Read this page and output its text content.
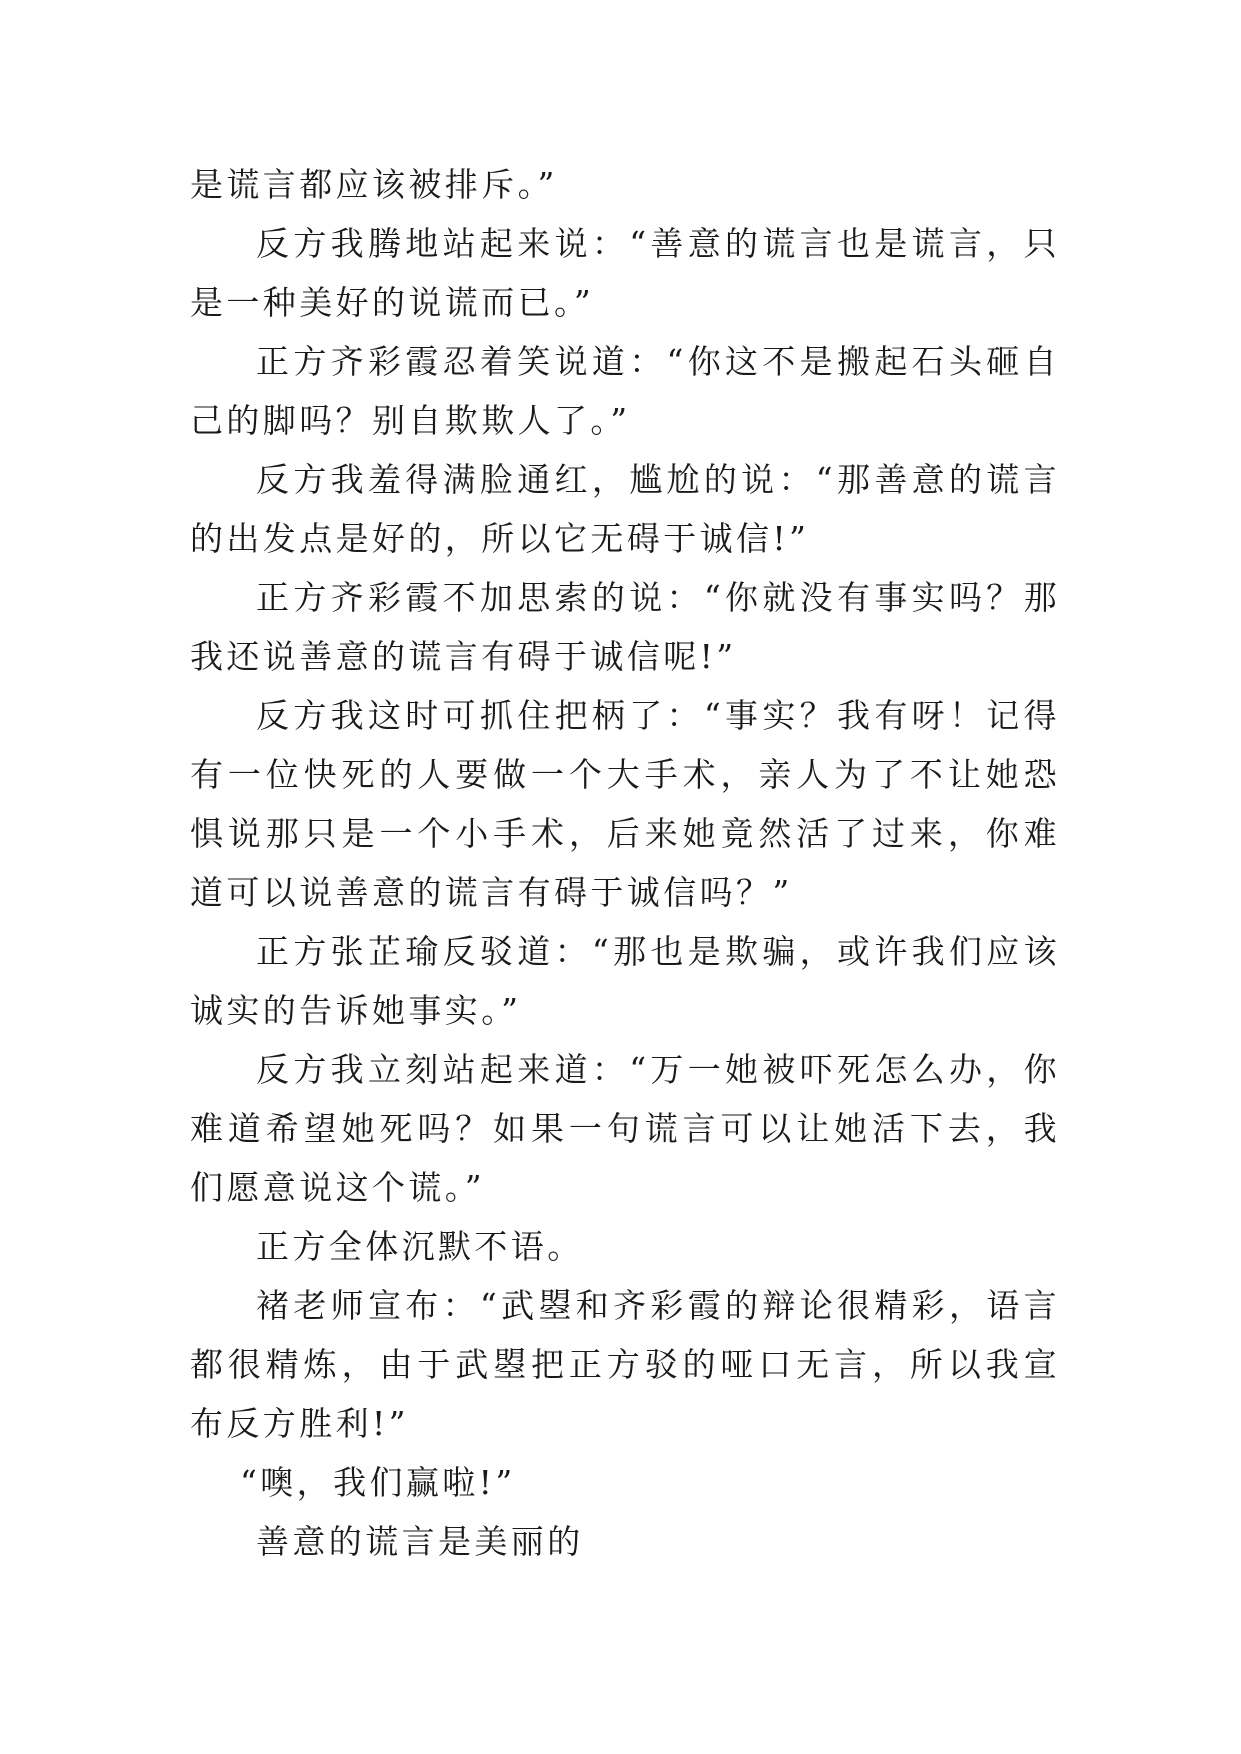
是谎言都应该被排斥。”

反方我腾地站起来说：“善意的谎言也是谎言，只是一种美好的说谎而已。”

正方齐彩霞忍着笑说道：“你这不是搬起石头砸自己的脚吗？别自欺欺人了。”

反方我羞得满脸通红，尴尬的说：“那善意的谎言的出发点是好的，所以它无碍于诚信!”

正方齐彩霞不加思索的说：“你就没有事实吗？那我还说善意的谎言有碍于诚信呢!”

反方我这时可抓住把柄了：“事实？我有呀！记得有一位快死的人要做一个大手术，亲人为了不让她恐惧说那只是一个小手术，后来她竟然活了过来，你难道可以说善意的谎言有碍于诚信吗？”

正方张芷瑜反驳道：“那也是欺骗，或许我们应该诚实的告诉她事实。”

反方我立刻站起来道：“万一她被吓死怎么办，你难道希望她死吗？如果一句谎言可以让她活下去，我们愿意说这个谎。”

正方全体沉默不语。

褚老师宣布：“武曌和齐彩霞的辩论很精彩，语言都很精炼，由于武曌把正方驳的哑口无言，所以我宣布反方胜利!”

“噢，我们赢啦!”

善意的谎言是美丽的
